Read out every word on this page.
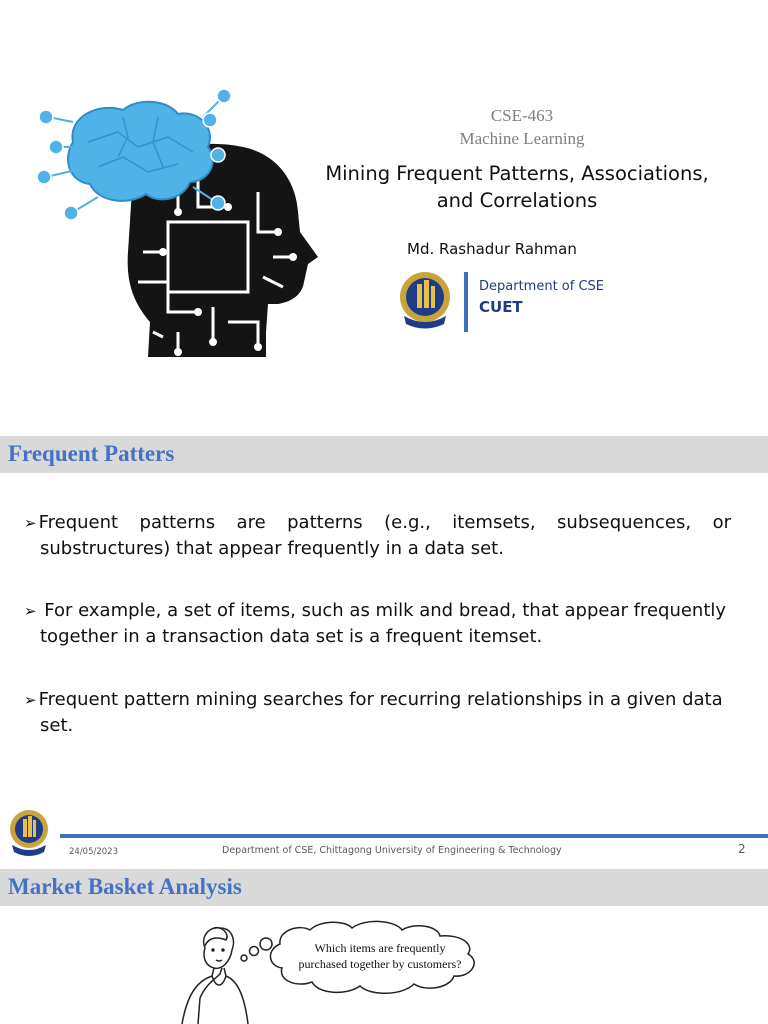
CSE-463
Machine Learning
Mining Frequent Patterns, Associations,
and Correlations
Md. Rashadur Rahman
Department of CSE
CUET
Frequent Patters
➢ Frequent patterns are patterns (e.g., itemsets, subsequences, or substructures) that appear frequently in a data set.
➢ For example, a set of items, such as milk and bread, that appear frequently together in a transaction data set is a frequent itemset.
➢ Frequent pattern mining searches for recurring relationships in a given data set.
24/05/2023	Department of CSE, Chittagong University of Engineering & Technology	2
Market Basket Analysis
Which items are frequently
purchased together by customers?
